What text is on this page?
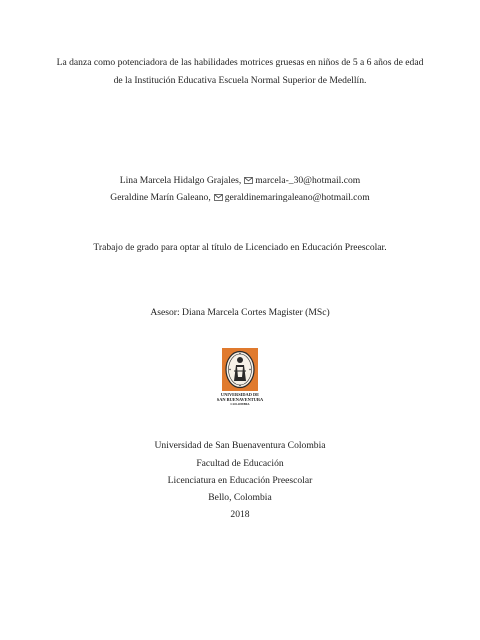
La danza como potenciadora de las habilidades motrices gruesas en niños de 5 a 6 años de edad
de la Institución Educativa Escuela Normal Superior de Medellín.
Lina Marcela Hidalgo Grajales, marcela-_30@hotmail.com
Geraldine Marín Galeano, geraldinemaringaleano@hotmail.com
Trabajo de grado para optar al título de Licenciado en Educación Preescolar.
Asesor: Diana Marcela Cortes Magister (MSc)
UNIVERSIDAD DE
SAN BUENAVENTURA
COLOMBIA
Universidad de San Buenaventura Colombia
Facultad de Educación
Licenciatura en Educación Preescolar
Bello, Colombia
2018
